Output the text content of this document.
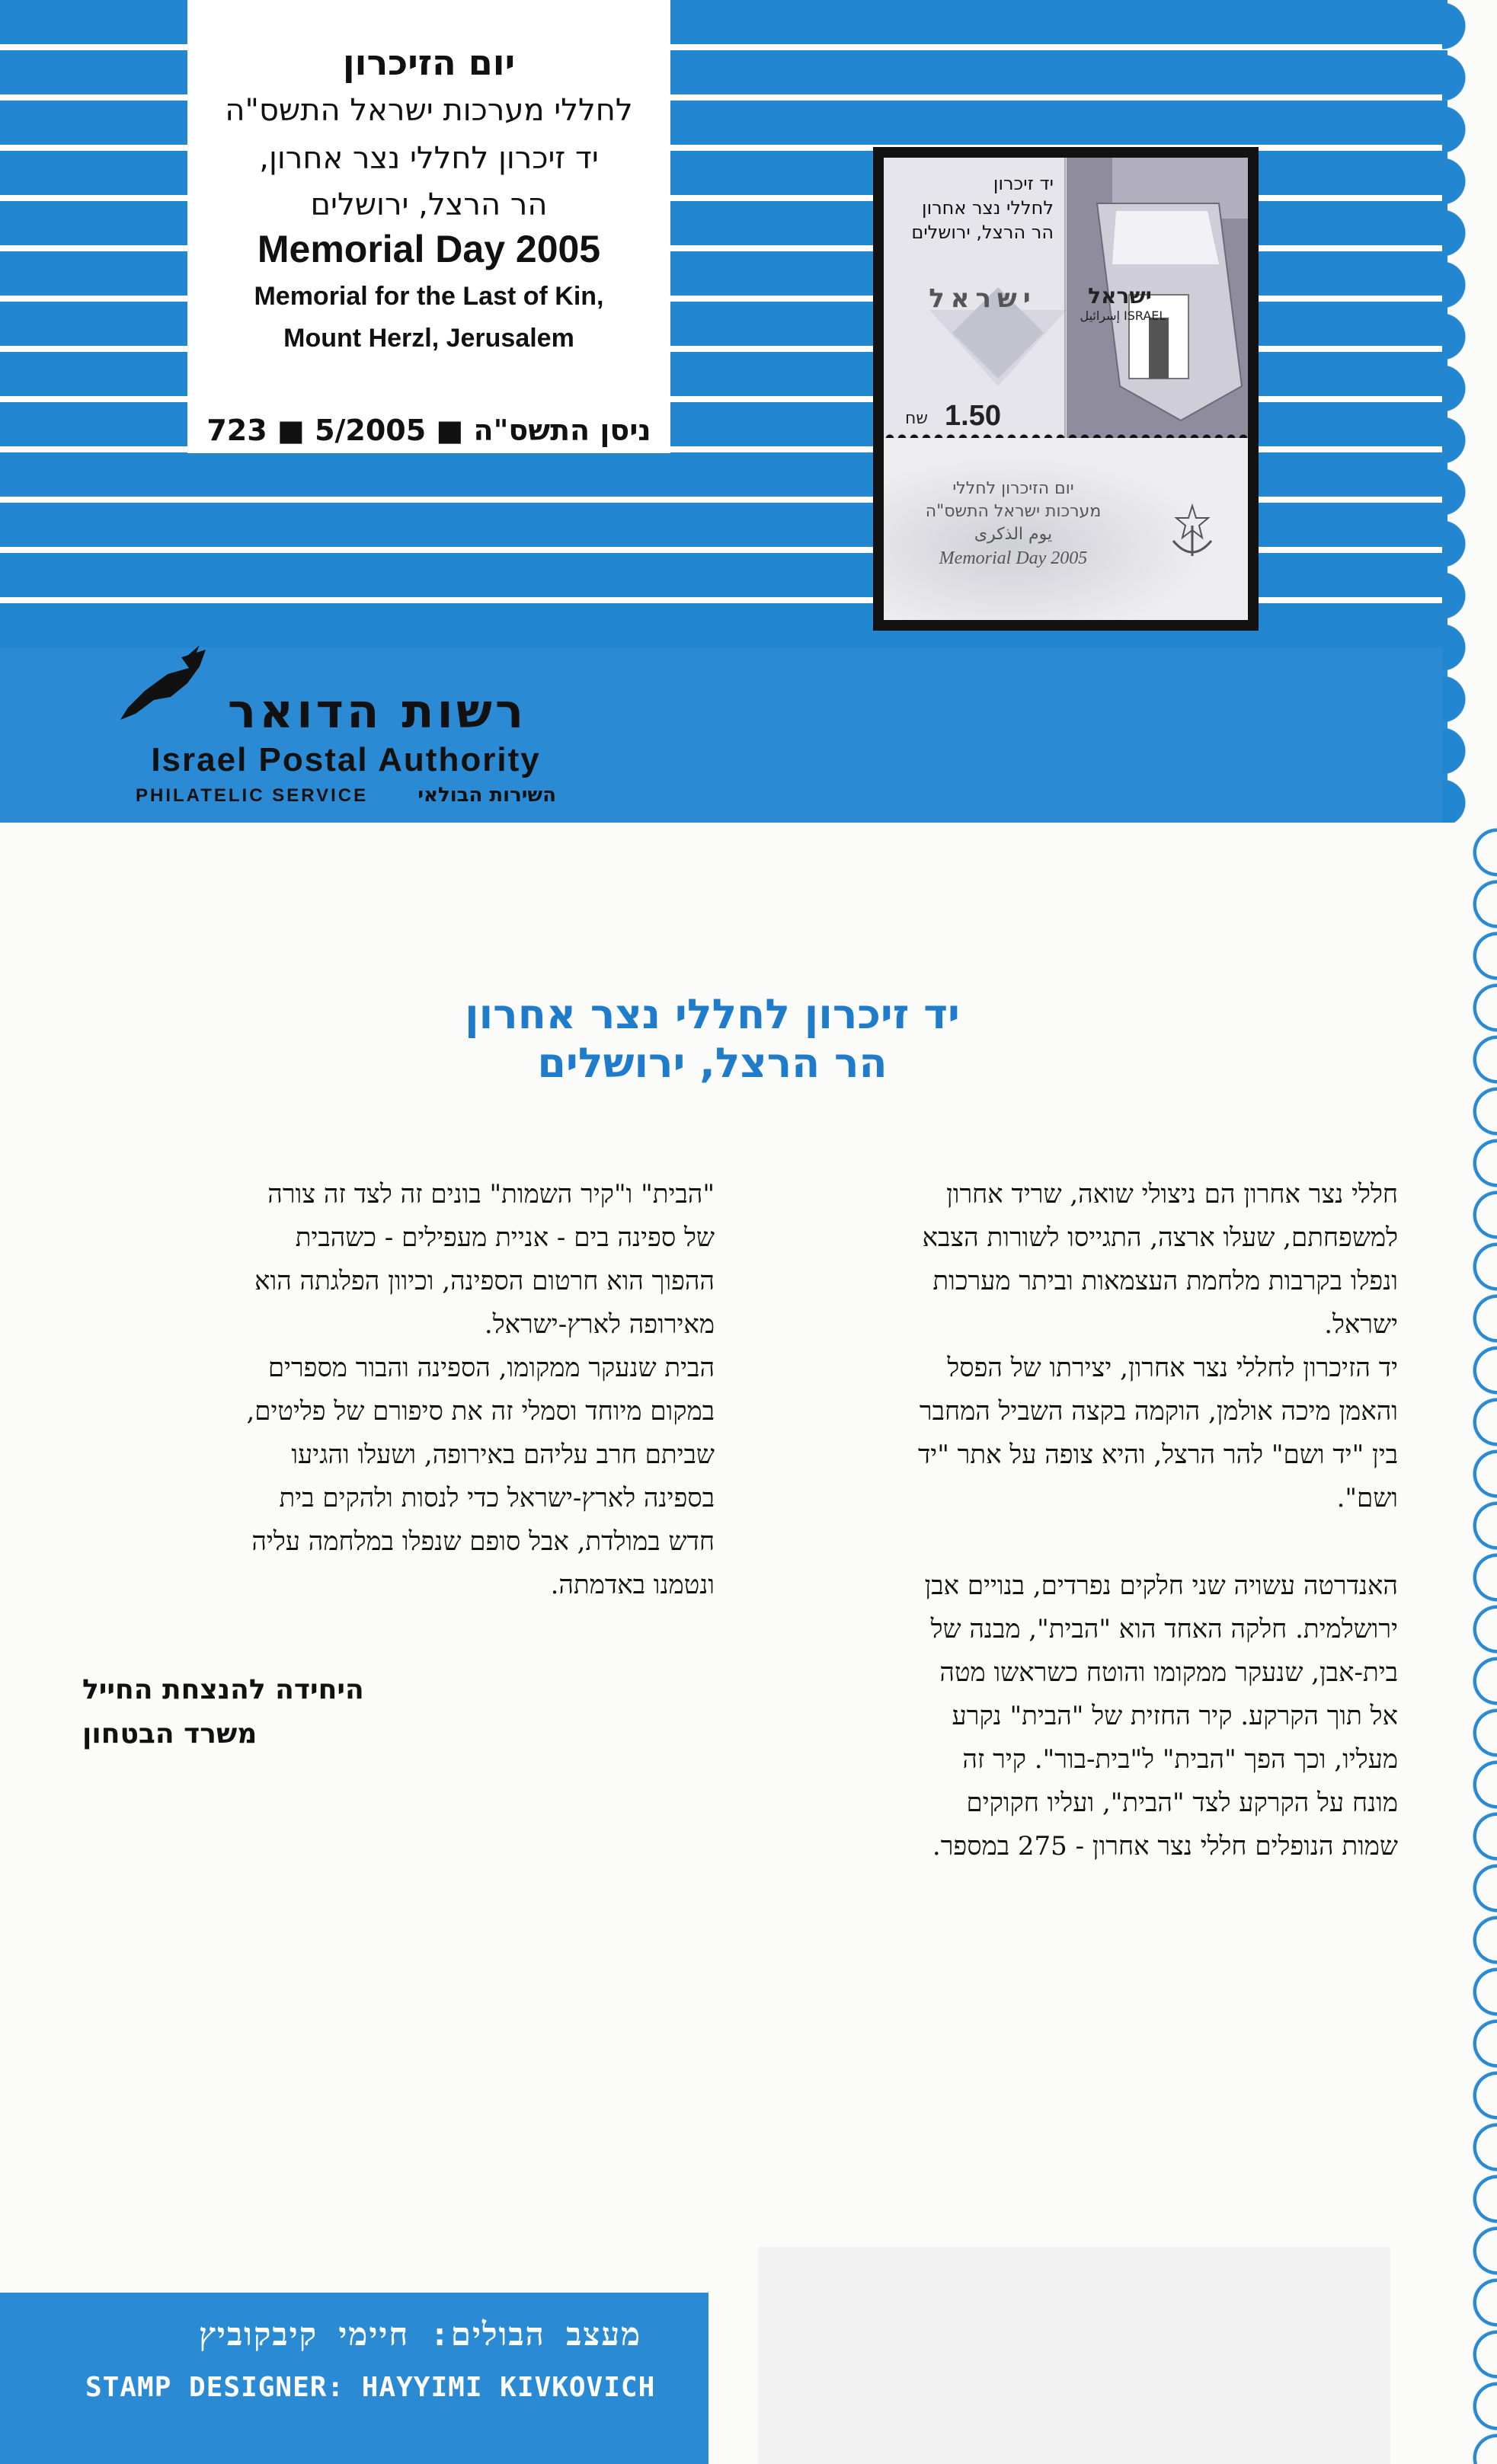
יום הזיכרון
לחללי מערכות ישראל התשס"ה
יד זיכרון לחללי נצר אחרון,
הר הרצל, ירושלים
Memorial Day 2005
Memorial for the Last of Kin,
Mount Herzl, Jerusalem
ניסן התשס"ה ■ 5/2005 ■ 723
יד זיכרון
לחללי נצר אחרון
הר הרצל, ירושלים
ישראל	ישראל
إسرائيل ISRAEL
1.50
שח
יום הזיכרון לחללי
מערכות ישראל התשס"ה
يوم الذكرى
Memorial Day 2005
רשות הדואר
Israel Postal Authority
PHILATELIC SERVICE	השירות הבולאי
יד זיכרון לחללי נצר אחרון
הר הרצל, ירושלים
חללי נצר אחרון הם ניצולי שואה, שריד אחרון
למשפחתם, שעלו ארצה, התגייסו לשורות הצבא
ונפלו בקרבות מלחמת העצמאות וביתר מערכות
ישראל.
יד הזיכרון לחללי נצר אחרון, יצירתו של הפסל
והאמן מיכה אולמן, הוקמה בקצה השביל המחבר
בין "יד ושם" להר הרצל, והיא צופה על אתר "יד
ושם".
האנדרטה עשויה שני חלקים נפרדים, בנויים אבן
ירושלמית. חלקה האחד הוא "הבית", מבנה של
בית-אבן, שנעקר ממקומו והוטח כשראשו מטה
אל תוך הקרקע. קיר החזית של "הבית" נקרע
מעליו, וכך הפך "הבית" ל"בית-בור". קיר זה
מונח על הקרקע לצד "הבית", ועליו חקוקים
שמות הנופלים חללי נצר אחרון - 275 במספר.
"הבית" ו"קיר השמות" בונים זה לצד זה צורה
של ספינה בים - אניית מעפילים - כשהבית
ההפוך הוא חרטום הספינה, וכיוון הפלגתה הוא
מאירופה לארץ-ישראל.
הבית שנעקר ממקומו, הספינה והבור מספרים
במקום מיוחד וסמלי זה את סיפורם של פליטים,
שביתם חרב עליהם באירופה, ושעלו והגיעו
בספינה לארץ-ישראל כדי לנסות ולהקים בית
חדש במולדת, אבל סופם שנפלו במלחמה עליה
ונטמנו באדמתה.
היחידה להנצחת החייל
משרד הבטחון
מעצב הבולים: חיימי קיבקוביץ
STAMP DESIGNER: HAYYIMI KIVKOVICH
